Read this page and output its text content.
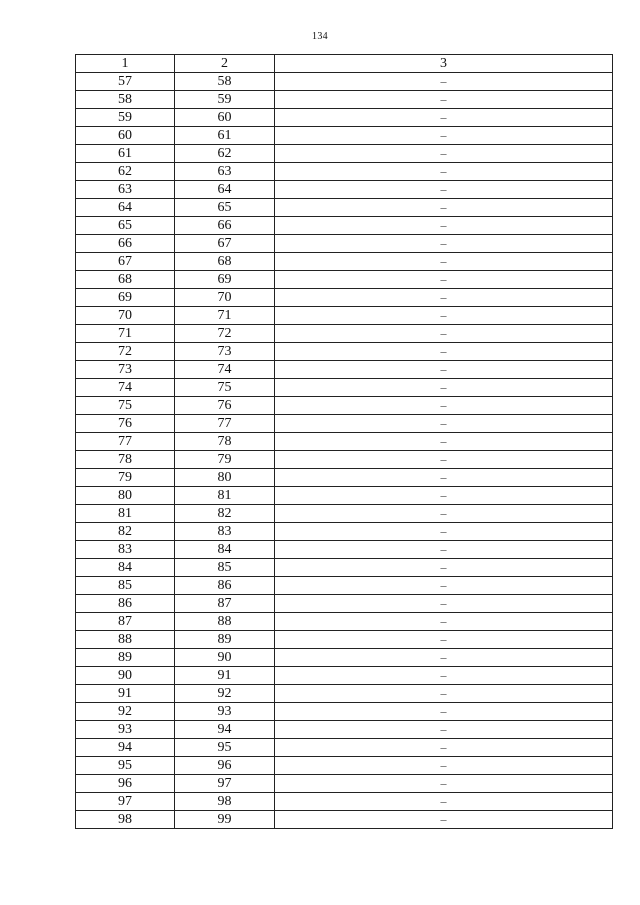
134
1	2	3
57	58	–
58	59	–
59	60	–
60	61	–
61	62	–
62	63	–
63	64	–
64	65	–
65	66	–
66	67	–
67	68	–
68	69	–
69	70	–
70	71	–
71	72	–
72	73	–
73	74	–
74	75	–
75	76	–
76	77	–
77	78	–
78	79	–
79	80	–
80	81	–
81	82	–
82	83	–
83	84	–
84	85	–
85	86	–
86	87	–
87	88	–
88	89	–
89	90	–
90	91	–
91	92	–
92	93	–
93	94	–
94	95	–
95	96	–
96	97	–
97	98	–
98	99	–
